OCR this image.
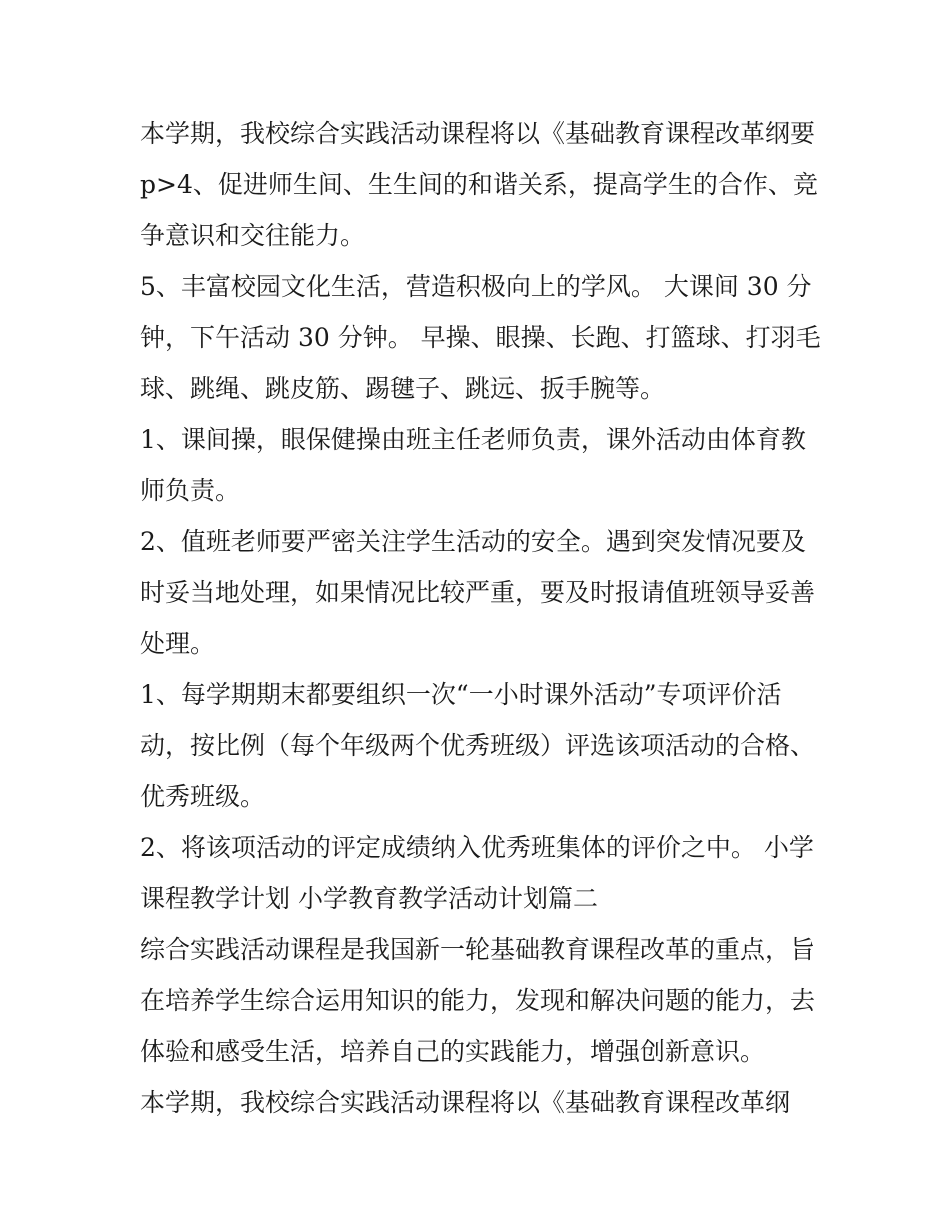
本学期，我校综合实践活动课程将以《基础教育课程改革纲要
p>4、促进师生间、生生间的和谐关系，提高学生的合作、竞
争意识和交往能力。
5、丰富校园文化生活，营造积极向上的学风。 大课间 30 分
钟，下午活动 30 分钟。 早操、眼操、长跑、打篮球、打羽毛
球、跳绳、跳皮筋、踢毽子、跳远、扳手腕等。
1、课间操，眼保健操由班主任老师负责，课外活动由体育教
师负责。
2、值班老师要严密关注学生活动的安全。遇到突发情况要及
时妥当地处理，如果情况比较严重，要及时报请值班领导妥善
处理。
1、每学期期末都要组织一次“一小时课外活动”专项评价活
动，按比例（每个年级两个优秀班级）评选该项活动的合格、
优秀班级。
2、将该项活动的评定成绩纳入优秀班集体的评价之中。 小学
课程教学计划 小学教育教学活动计划篇二
综合实践活动课程是我国新一轮基础教育课程改革的重点，旨
在培养学生综合运用知识的能力，发现和解决问题的能力，去
体验和感受生活，培养自己的实践能力，增强创新意识。
本学期，我校综合实践活动课程将以《基础教育课程改革纲
